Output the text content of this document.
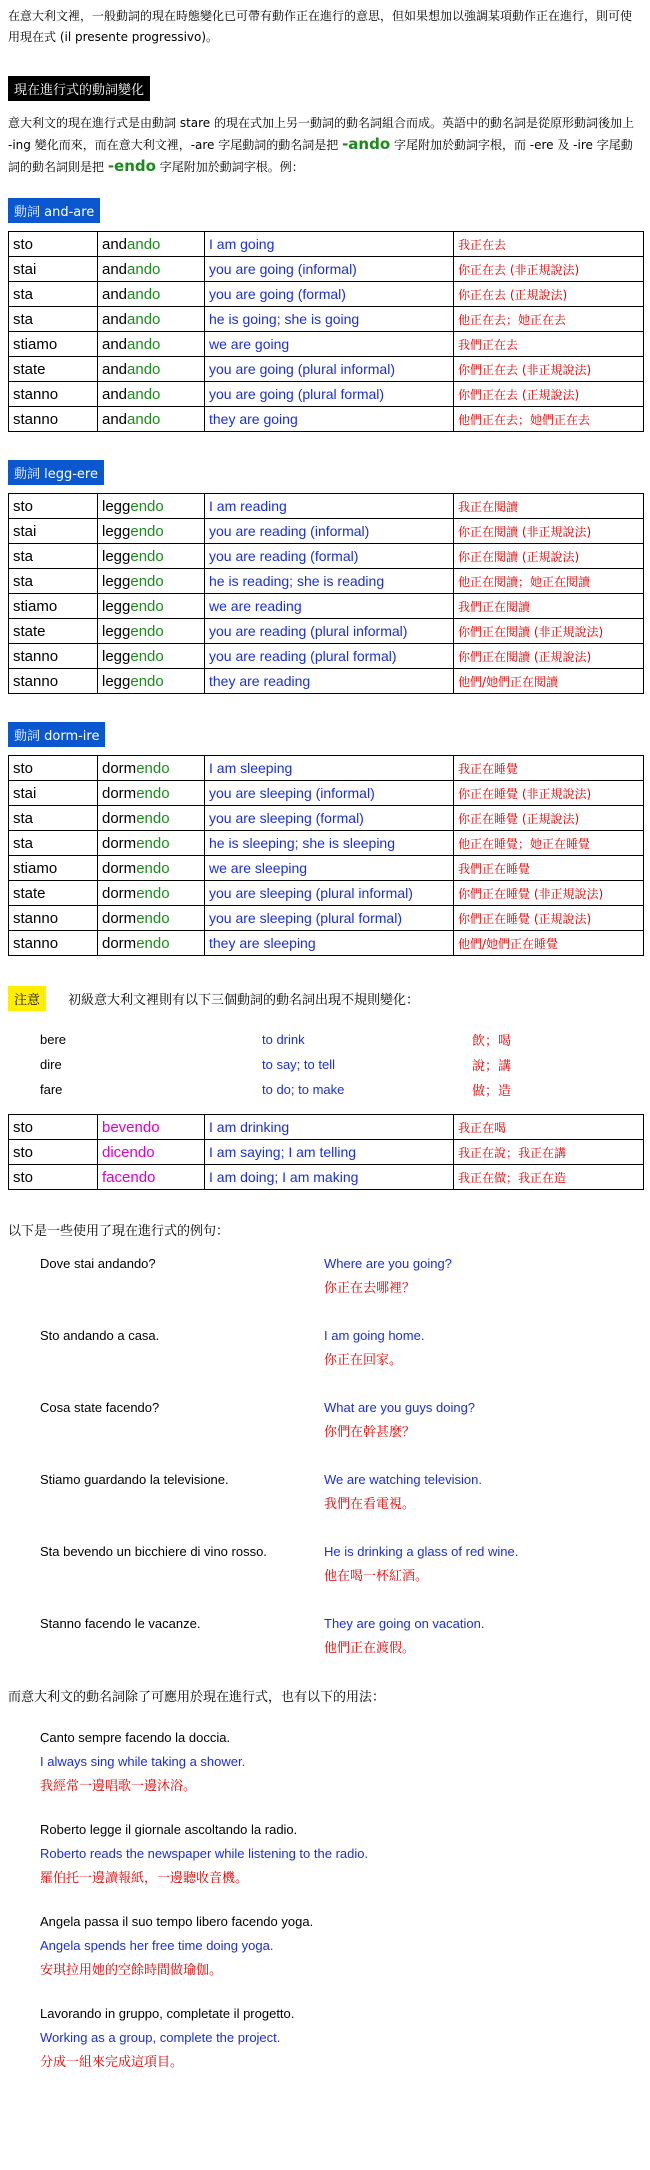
在意大利文裡，一般動詞的現在時態變化已可帶有動作正在進行的意思，但如果想加以強調某項動作正在進行，則可使用現在式 (il presente progressivo)。

現在進行式的動詞變化

意大利文的現在進行式是由動詞 stare 的現在式加上另一動詞的動名詞組合而成。英語中的動名詞是從原形動詞後加上 -ing 變化而來，而在意大利文裡，-are 字尾動詞的動名詞是把 -ando 字尾附加於動詞字根，而 -ere 及 -ire 字尾動詞的動名詞則是把 -endo 字尾附加於動詞字根。例：

動詞 and-are
sto	andando	I am going	我正在去
stai	andando	you are going (informal)	你正在去 (非正規說法)
sta	andando	you are going (formal)	你正在去 (正規說法)
sta	andando	he is going; she is going	他正在去；她正在去
stiamo	andando	we are going	我們正在去
state	andando	you are going (plural informal)	你們正在去 (非正規說法)
stanno	andando	you are going (plural formal)	你們正在去 (正規說法)
stanno	andando	they are going	他們正在去；她們正在去
動詞 legg-ere
sto	leggendo	I am reading	我正在閱讀
stai	leggendo	you are reading (informal)	你正在閱讀 (非正規說法)
sta	leggendo	you are reading (formal)	你正在閱讀 (正規說法)
sta	leggendo	he is reading; she is reading	他正在閱讀；她正在閱讀
stiamo	leggendo	we are reading	我們正在閱讀
state	leggendo	you are reading (plural informal)	你們正在閱讀 (非正規說法)
stanno	leggendo	you are reading (plural formal)	你們正在閱讀 (正規說法)
stanno	leggendo	they are reading	他們/她們正在閱讀
動詞 dorm-ire
sto	dormendo	I am sleeping	我正在睡覺
stai	dormendo	you are sleeping (informal)	你正在睡覺 (非正規說法)
sta	dormendo	you are sleeping (formal)	你正在睡覺 (正規說法)
sta	dormendo	he is sleeping; she is sleeping	他正在睡覺；她正在睡覺
stiamo	dormendo	we are sleeping	我們正在睡覺
state	dormendo	you are sleeping (plural informal)	你們正在睡覺 (非正規說法)
stanno	dormendo	you are sleeping (plural formal)	你們正在睡覺 (正規說法)
stanno	dormendo	they are sleeping	他們/她們正在睡覺
注意	初級意大利文裡則有以下三個動詞的動名詞出現不規則變化：
bere	to drink	飲；喝
dire	to say; to tell	說；講
fare	to do; to make	做；造
sto	bevendo	I am drinking	我正在喝
sto	dicendo	I am saying; I am telling	我正在說；我正在講
sto	facendo	I am doing; I am making	我正在做；我正在造

以下是一些使用了現在進行式的例句：

Dove stai andando?	Where are you going?
你正在去哪裡？
Sto andando a casa.	I am going home.
你正在回家。
Cosa state facendo?	What are you guys doing?
你們在幹甚麼？
Stiamo guardando la televisione.	We are watching television.
我們在看電視。
Sta bevendo un bicchiere di vino rosso.	He is drinking a glass of red wine.
他在喝一杯紅酒。
Stanno facendo le vacanze.	They are going on vacation.
他們正在渡假。

而意大利文的動名詞除了可應用於現在進行式，也有以下的用法：

Canto sempre facendo la doccia.
I always sing while taking a shower.
我經常一邊唱歌一邊沐浴。
Roberto legge il giornale ascoltando la radio.
Roberto reads the newspaper while listening to the radio.
羅伯托一邊讀報紙，一邊聽收音機。
Angela passa il suo tempo libero facendo yoga.
Angela spends her free time doing yoga.
安琪拉用她的空餘時間做瑜伽。
Lavorando in gruppo, completate il progetto.
Working as a group, complete the project.
分成一組來完成這項目。
